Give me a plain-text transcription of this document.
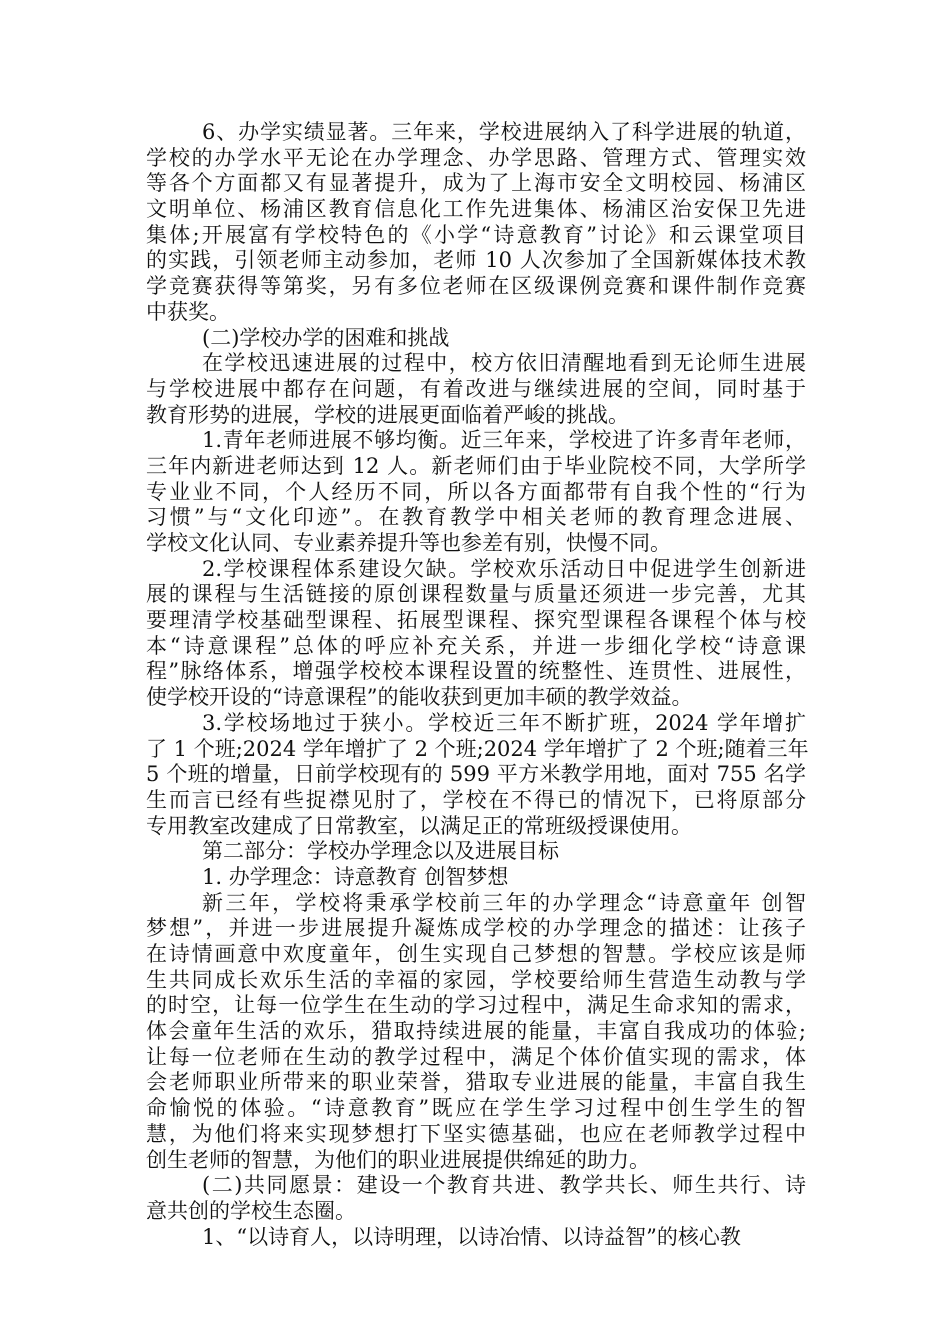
6、办学实绩显著。三年来，学校进展纳入了科学进展的轨道，
学校的办学水平无论在办学理念、办学思路、管理方式、管理实效
等各个方面都又有显著提升，成为了上海市安全文明校园、杨浦区
文明单位、杨浦区教育信息化工作先进集体、杨浦区治安保卫先进
集体;开展富有学校特色的《小学“诗意教育”讨论》和云课堂项目
的实践，引领老师主动参加，老师 10 人次参加了全国新媒体技术教
学竞赛获得等第奖，另有多位老师在区级课例竞赛和课件制作竞赛
中获奖。
(二)学校办学的困难和挑战
在学校迅速进展的过程中，校方依旧清醒地看到无论师生进展
与学校进展中都存在问题，有着改进与继续进展的空间，同时基于
教育形势的进展，学校的进展更面临着严峻的挑战。
1.青年老师进展不够均衡。近三年来，学校进了许多青年老师，
三年内新进老师达到 12 人。新老师们由于毕业院校不同，大学所学
专业业不同，个人经历不同，所以各方面都带有自我个性的“行为
习惯”与“文化印迹”。在教育教学中相关老师的教育理念进展、
学校文化认同、专业素养提升等也参差有别，快慢不同。
2.学校课程体系建设欠缺。学校欢乐活动日中促进学生创新进
展的课程与生活链接的原创课程数量与质量还须进一步完善，尤其
要理清学校基础型课程、拓展型课程、探究型课程各课程个体与校
本“诗意课程”总体的呼应补充关系，并进一步细化学校“诗意课
程”脉络体系，增强学校校本课程设置的统整性、连贯性、进展性，
使学校开设的“诗意课程”的能收获到更加丰硕的教学效益。
3.学校场地过于狭小。学校近三年不断扩班，2024 学年增扩
了 1 个班;2024 学年增扩了 2 个班;2024 学年增扩了 2 个班;随着三年
5 个班的增量，日前学校现有的 599 平方米教学用地，面对 755 名学
生而言已经有些捉襟见肘了，学校在不得已的情况下，已将原部分
专用教室改建成了日常教室，以满足正的常班级授课使用。
第二部分：学校办学理念以及进展目标
1. 办学理念：诗意教育 创智梦想
新三年，学校将秉承学校前三年的办学理念“诗意童年 创智
梦想”，并进一步进展提升凝炼成学校的办学理念的描述：让孩子
在诗情画意中欢度童年，创生实现自己梦想的智慧。学校应该是师
生共同成长欢乐生活的幸福的家园，学校要给师生营造生动教与学
的时空，让每一位学生在生动的学习过程中，满足生命求知的需求，
体会童年生活的欢乐，猎取持续进展的能量，丰富自我成功的体验;
让每一位老师在生动的教学过程中，满足个体价值实现的需求，体
会老师职业所带来的职业荣誉，猎取专业进展的能量，丰富自我生
命愉悦的体验。“诗意教育”既应在学生学习过程中创生学生的智
慧，为他们将来实现梦想打下坚实德基础，也应在老师教学过程中
创生老师的智慧，为他们的职业进展提供绵延的助力。
(二)共同愿景：建设一个教育共进、教学共长、师生共行、诗
意共创的学校生态圈。
1、“以诗育人，以诗明理，以诗冶情、以诗益智”的核心教
